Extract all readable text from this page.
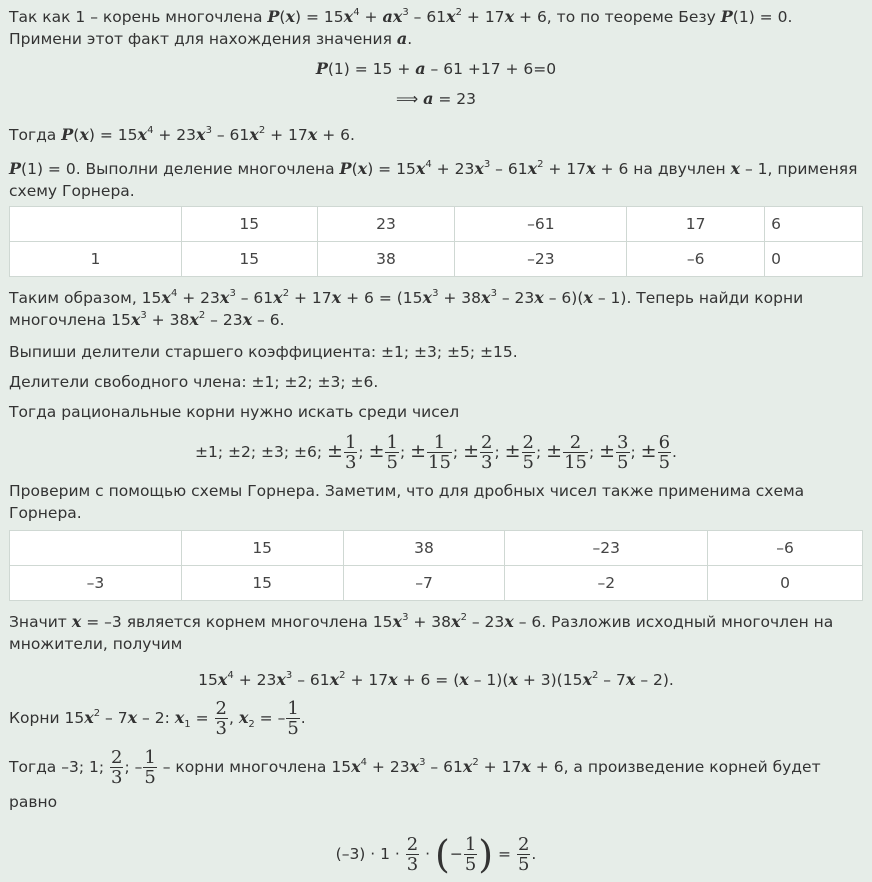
Так как 1 – корень многочлена $P(x) = 15x^4 + ax^3 - 61x^2 + 17x + 6$, то по теореме Безу P(1) = 0. Примени этот факт для нахождения значения a.

P(1) = 15 + a – 61 +17 + 6=0

⟹ a = 23

Тогда $P(x) = 15x^4 + 23x^3 - 61x^2 + 17x + 6$.

P(1) = 0. Выполни деление многочлена $P(x) = 15x^4 + 23x^3 - 61x^2 + 17x + 6$ на двучлен x – 1, применяя схему Горнера.

	15	23	–61	17	6
1	15	38	–23	–6	0

Таким образом, $15x^4 + 23x^3 - 61x^2 + 17x + 6 = (15x^3 + 38x^3 - 23x - 6)(x - 1)$. Теперь найди корни многочлена $15x^3 + 38x^2 - 23x - 6$.

Выпиши делители старшего коэффициента: ±1; ±3; ±5; ±15.

Делители свободного члена: ±1; ±2; ±3; ±6.

Тогда рациональные корни нужно искать среди чисел

±1; ±2; ±3; ±6; ± $\frac{1}{3}$ ; ± $\frac{1}{5}$ ; ± $\frac{1}{15}$ ; ± $\frac{2}{3}$ ; ± $\frac{2}{5}$ ; ± $\frac{2}{15}$ ; ± $\frac{3}{5}$ ; ± $\frac{6}{5}$ .

Проверим с помощью схемы Горнера. Заметим, что для дробных чисел также применима схема Горнера.

	15	38	–23	–6
–3	15	–7	–2	0

Значит x = –3 является корнем многочлена $15x^3 + 38x^2 - 23x - 6$. Разложив исходный многочлен на множители, получим

$15x^4 + 23x^3 - 61x^2 + 17x + 6 = (x - 1)(x + 3)(15x^2 - 7x - 2)$.

Корни $15x^2 - 7x - 2$: $x_1 = \frac{2}{3}$ , $x_2$ = – $\frac{1}{5}$ .

Тогда –3; 1; $\frac{2}{3}$ ; – $\frac{1}{5}$ – корни многочлена $15x^4 + 23x^3 - 61x^2 + 17x + 6$, а произведение корней будет равно

$(-3) \cdot 1 \cdot \frac{2}{3}$ · (− $\frac{1}{5}$ ) = $\frac{2}{5}$ .
